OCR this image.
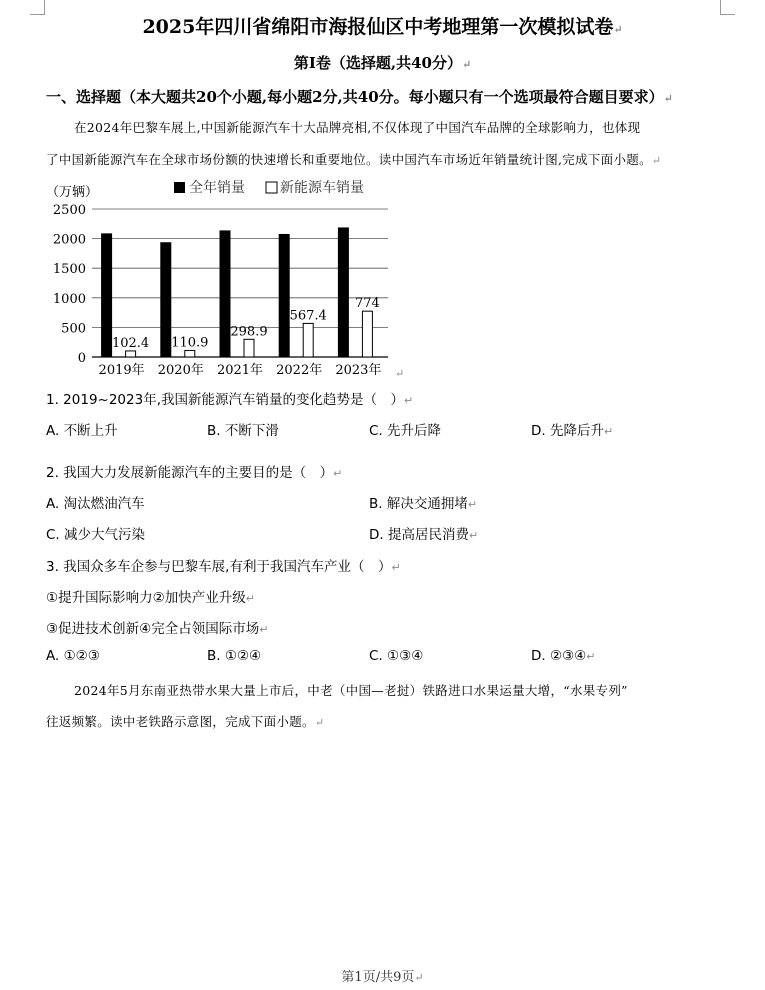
2025年四川省绵阳市海报仙区中考地理第一次模拟试卷↵
第I卷（选择题,共40分）↵
一、选择题（本大题共20个小题,每小题2分,共40分。每小题只有一个选项最符合题目要求）↵
在2024年巴黎车展上,中国新能源汽车十大品牌亮相,不仅体现了中国汽车品牌的全球影响力，也体现
了中国新能源汽车在全球市场份额的快速增长和重要地位。读中国汽车市场近年销量统计图,完成下面小题。↵
0
500
1000
1500
2000
2500
102.4 110.9
298.9
567.4
774
2019年 2020年 2021年 2022年 2023年
全年销量	新能源车销量
（万辆）
↵
1. 2019~2023年,我国新能源汽车销量的变化趋势是（　）↵
A. 不断上升	B. 不断下滑	C. 先升后降	D. 先降后升↵
2. 我国大力发展新能源汽车的主要目的是（　）↵
A. 淘汰燃油汽车	B. 解决交通拥堵↵
C. 减少大气污染	D. 提高居民消费↵
3. 我国众多车企参与巴黎车展,有利于我国汽车产业（　）↵
①提升国际影响力②加快产业升级↵
③促进技术创新④完全占领国际市场↵
A. ①②③	B. ①②④	C. ①③④	D. ②③④↵
2024年5月东南亚热带水果大量上市后，中老（中国—老挝）铁路进口水果运量大增，“水果专列”
往返频繁。读中老铁路示意图，完成下面小题。↵
第1页/共9页↵
